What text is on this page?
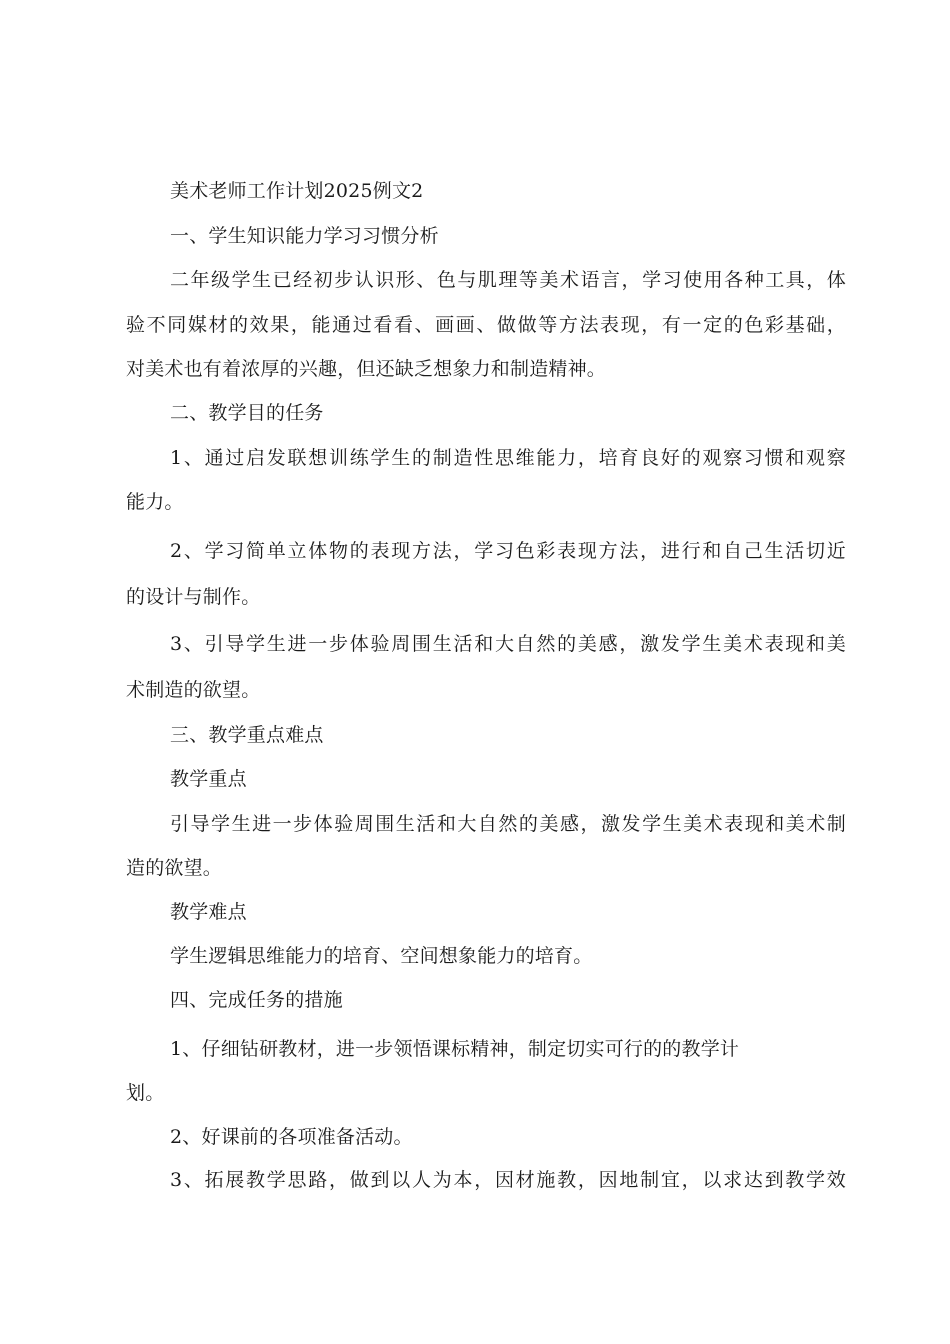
美术老师工作计划2025例文2
一、学生知识能力学习习惯分析
二年级学生已经初步认识形、色与肌理等美术语言，学习使用各种工具，体
验不同媒材的效果，能通过看看、画画、做做等方法表现，有一定的色彩基础，
对美术也有着浓厚的兴趣，但还缺乏想象力和制造精神。
二、教学目的任务
1、通过启发联想训练学生的制造性思维能力，培育良好的观察习惯和观察
能力。
2、学习简单立体物的表现方法，学习色彩表现方法，进行和自己生活切近
的设计与制作。
3、引导学生进一步体验周围生活和大自然的美感，激发学生美术表现和美
术制造的欲望。
三、教学重点难点
教学重点
引导学生进一步体验周围生活和大自然的美感，激发学生美术表现和美术制
造的欲望。
教学难点
学生逻辑思维能力的培育、空间想象能力的培育。
四、完成任务的措施
1、仔细钻研教材，进一步领悟课标精神，制定切实可行的的教学计
划。
2、好课前的各项准备活动。
3、拓展教学思路，做到以人为本，因材施教，因地制宜，以求达到教学效
